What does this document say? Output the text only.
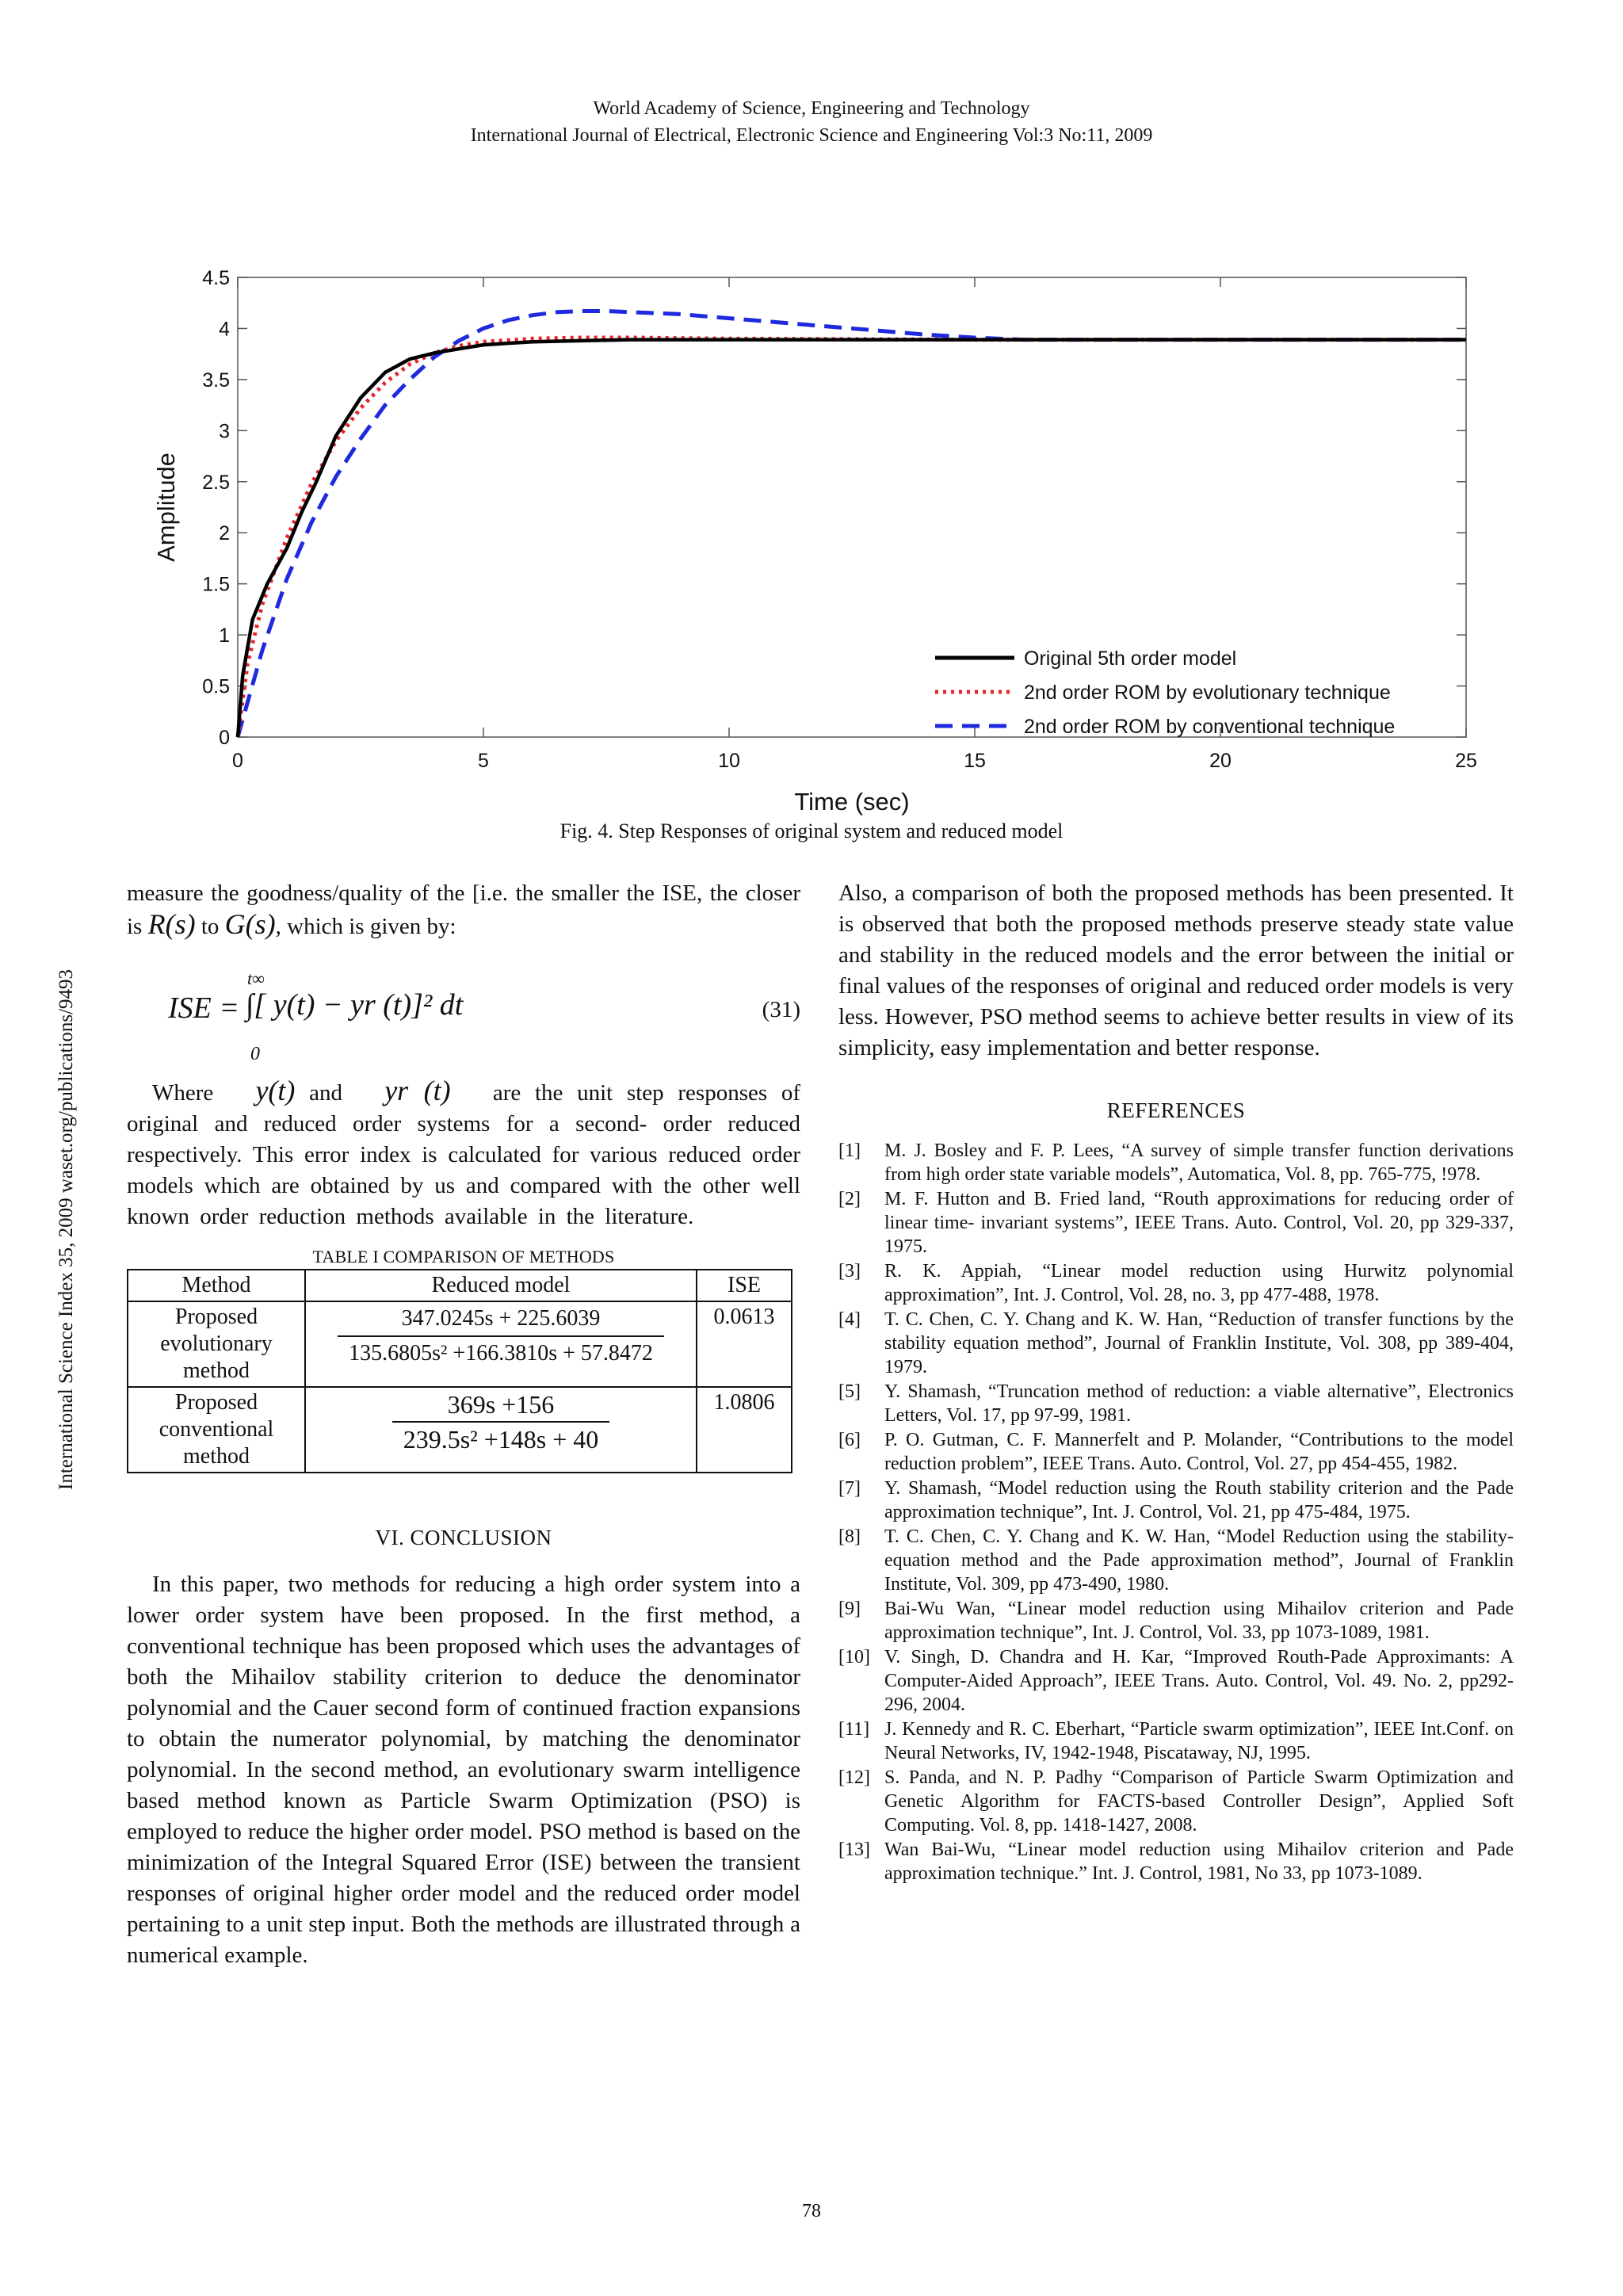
World Academy of Science, Engineering and Technology
International Journal of Electrical, Electronic Science and Engineering Vol:3 No:11, 2009
International Science Index 35, 2009 waset.org/publications/9493
0	5	10	15	20	25
0
0.5
1
1.5
2
2.5
3
3.5
4
4.5
Time (sec)
Amplitude
Original 5th order model
2nd order ROM by evolutionary technique
2nd order ROM by conventional technique
Fig. 4. Step Responses of original system and reduced model

measure the goodness/quality of the [i.e. the smaller the ISE, the closer is R(s) to G(s), which is given by:

ISE =
t∞
0
∫[ y(t) − yr (t)]² dt	(31)

Where y(t) and yr (t) are the unit step responses of original and reduced order systems for a second- order reduced respectively. This error index is calculated for various reduced order models which are obtained by us and compared with the other well known order reduction methods available in the literature.

TABLE I COMPARISON OF METHODS
Method	Reduced model	ISE
Proposed evolutionary method	$\frac{347.0245s + 225.6039}{\text{135.6805s² +166.3810s + 57.8472}}$	0.0613
Proposed conventional method	$\frac{369s +156}{\text{239.5s² +148s + 40}}$	1.0806
VI. CONCLUSION

In this paper, two methods for reducing a high order system into a lower order system have been proposed. In the first method, a conventional technique has been proposed which uses the advantages of both the Mihailov stability criterion to deduce the denominator polynomial and the Cauer second form of continued fraction expansions to obtain the numerator polynomial, by matching the denominator polynomial. In the second method, an evolutionary swarm intelligence based method known as Particle Swarm Optimization (PSO) is employed to reduce the higher order model. PSO method is based on the minimization of the Integral Squared Error (ISE) between the transient responses of original higher order model and the reduced order model pertaining to a unit step input. Both the methods are illustrated through a numerical example.

Also, a comparison of both the proposed methods has been presented. It is observed that both the proposed methods preserve steady state value and stability in the reduced models and the error between the initial or final values of the responses of original and reduced order models is very less. However, PSO method seems to achieve better results in view of its simplicity, easy implementation and better response.

REFERENCES
[1]	M. J. Bosley and F. P. Lees, “A survey of simple transfer function derivations from high order state variable models”, Automatica, Vol. 8, pp. 765-775, !978.
[2]	M. F. Hutton and B. Fried land, “Routh approximations for reducing order of linear time- invariant systems”, IEEE Trans. Auto. Control, Vol. 20, pp 329-337, 1975.
[3]	R. K. Appiah, “Linear model reduction using Hurwitz polynomial approximation”, Int. J. Control, Vol. 28, no. 3, pp 477-488, 1978.
[4]	T. C. Chen, C. Y. Chang and K. W. Han, “Reduction of transfer functions by the stability equation method”, Journal of Franklin Institute, Vol. 308, pp 389-404, 1979.
[5]	Y. Shamash, “Truncation method of reduction: a viable alternative”, Electronics Letters, Vol. 17, pp 97-99, 1981.
[6]	P. O. Gutman, C. F. Mannerfelt and P. Molander, “Contributions to the model reduction problem”, IEEE Trans. Auto. Control, Vol. 27, pp 454-455, 1982.
[7]	Y. Shamash, “Model reduction using the Routh stability criterion and the Pade approximation technique”, Int. J. Control, Vol. 21, pp 475-484, 1975.
[8]	T. C. Chen, C. Y. Chang and K. W. Han, “Model Reduction using the stability-equation method and the Pade approximation method”, Journal of Franklin Institute, Vol. 309, pp 473-490, 1980.
[9]	Bai-Wu Wan, “Linear model reduction using Mihailov criterion and Pade approximation technique”, Int. J. Control, Vol. 33, pp 1073-1089, 1981.
[10] V. Singh, D. Chandra and H. Kar, “Improved Routh-Pade Approximants: A Computer-Aided Approach”, IEEE Trans. Auto. Control, Vol. 49. No. 2, pp292-296, 2004.
[11] J. Kennedy and R. C. Eberhart, “Particle swarm optimization”, IEEE Int.Conf. on Neural Networks, IV, 1942-1948, Piscataway, NJ, 1995.
[12] S. Panda, and N. P. Padhy “Comparison of Particle Swarm Optimization and Genetic Algorithm for FACTS-based Controller Design”, Applied Soft Computing. Vol. 8, pp. 1418-1427, 2008.
[13] Wan Bai-Wu, “Linear model reduction using Mihailov criterion and Pade approximation technique.” Int. J. Control, 1981, No 33, pp 1073-1089.
78
